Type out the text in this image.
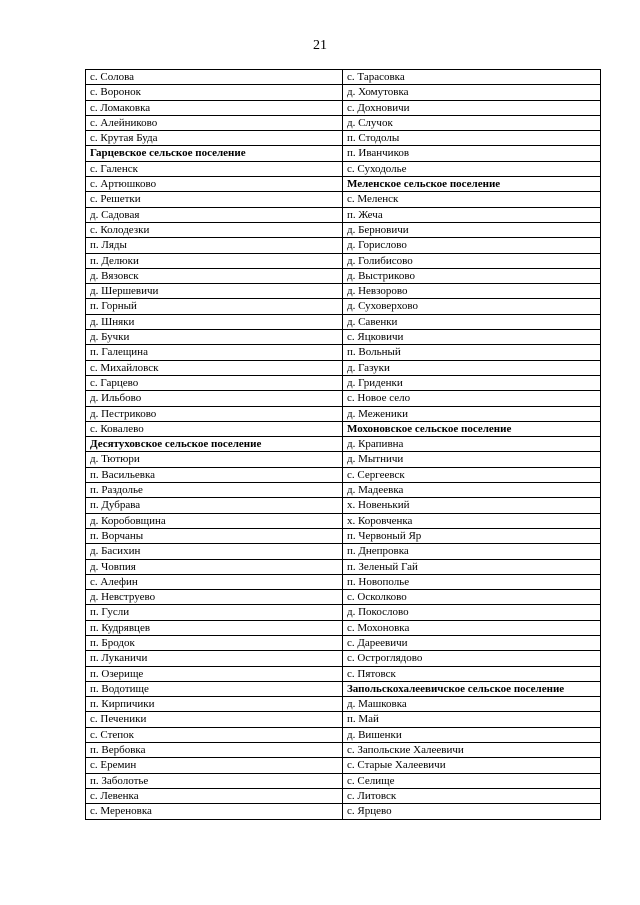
21
с. Солова	с. Тарасовка
с. Воронок	д. Хомутовка
с. Ломаковка	с. Дохновичи
с. Алейниково	д. Случок
с. Крутая Буда	п. Стодолы
Гарцевское сельское поселение	п. Иванчиков
с. Галенск	с. Суходолье
с. Артюшково	Меленское сельское поселение
с. Решетки	с. Меленск
д. Садовая	п. Жеча
с. Колодезки	д. Берновичи
п. Ляды	д. Горислово
п. Делюки	д. Голибисово
д. Вязовск	д. Выстриково
д. Шершевичи	д. Невзорово
п. Горный	д. Суховерхово
д. Шняки	д. Савенки
д. Бучки	с. Яцковичи
п. Галещина	п. Вольный
с. Михайловск	д. Газуки
с. Гарцево	д. Гриденки
д. Ильбово	с. Новое село
д. Пестриково	д. Меженики
с. Ковалево	Мохоновское сельское поселение
Десятуховское сельское поселение	д. Крапивна
д. Тютюри	д. Мытничи
п. Васильевка	с. Сергеевск
п. Раздолье	д. Мадеевка
п. Дубрава	х. Новенький
д. Коробовщина	х. Коровченка
п. Ворчаны	п. Червоный Яр
д. Басихин	п. Днепровка
д. Човпия	п. Зеленый Гай
с. Алефин	п. Новополье
д. Невструево	с. Осколково
п. Гусли	д. Покослово
п. Кудрявцев	с. Мохоновка
п. Бродок	с. Дареевичи
п. Луканичи	с. Остроглядово
п. Озерище	с. Пятовск
п. Водотище	Запольскохалеевичское сельское поселение
п. Кирпичики	д. Машковка
с. Печеники	п. Май
с. Степок	д. Вишенки
п. Вербовка	с. Запольские Халеевичи
с. Еремин	с. Старые Халеевичи
п. Заболотье	с. Селище
с. Левенка	с. Литовск
с. Мереновка	с. Ярцево
